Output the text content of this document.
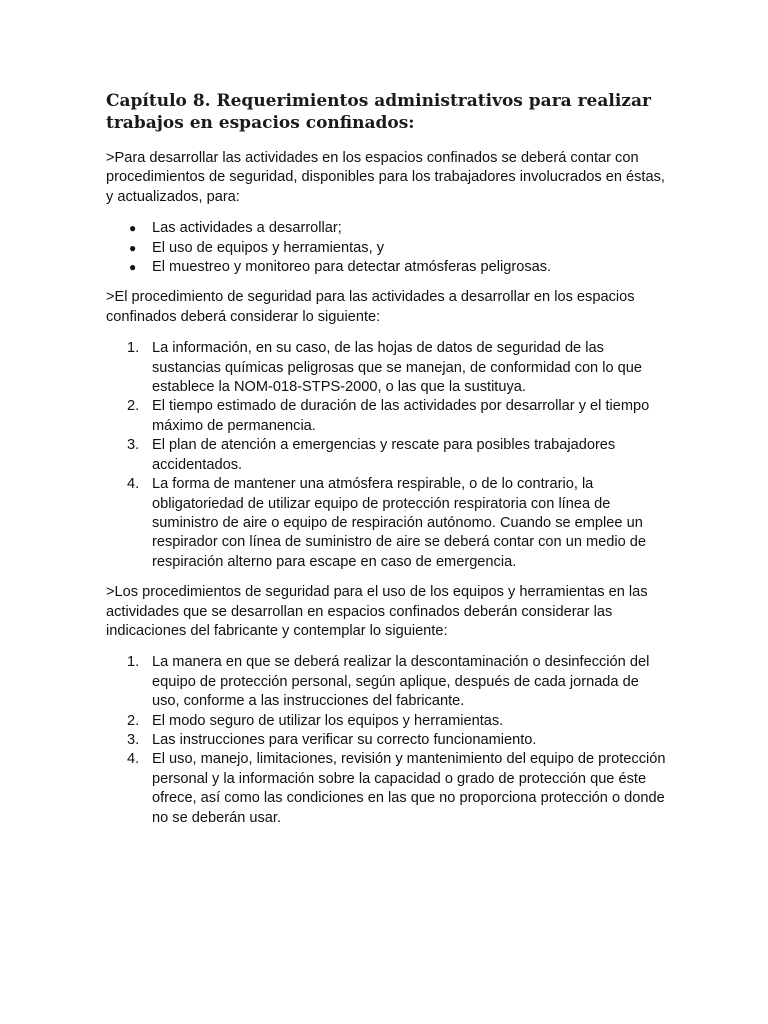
Capítulo 8. Requerimientos administrativos para realizar trabajos en espacios confinados:

>Para desarrollar las actividades en los espacios confinados se deberá contar con procedimientos de seguridad, disponibles para los trabajadores involucrados en éstas, y actualizados, para:

● Las actividades a desarrollar;
● El uso de equipos y herramientas, y
● El muestreo y monitoreo para detectar atmósferas peligrosas.

>El procedimiento de seguridad para las actividades a desarrollar en los espacios confinados deberá considerar lo siguiente:

1. La información, en su caso, de las hojas de datos de seguridad de las sustancias químicas peligrosas que se manejan, de conformidad con lo que establece la NOM-018-STPS-2000, o las que la sustituya.
2. El tiempo estimado de duración de las actividades por desarrollar y el tiempo máximo de permanencia.
3. El plan de atención a emergencias y rescate para posibles trabajadores accidentados.
4. La forma de mantener una atmósfera respirable, o de lo contrario, la obligatoriedad de utilizar equipo de protección respiratoria con línea de suministro de aire o equipo de respiración autónomo. Cuando se emplee un respirador con línea de suministro de aire se deberá contar con un medio de respiración alterno para escape en caso de emergencia.

>Los procedimientos de seguridad para el uso de los equipos y herramientas en las actividades que se desarrollan en espacios confinados deberán considerar las indicaciones del fabricante y contemplar lo siguiente:

1. La manera en que se deberá realizar la descontaminación o desinfección del equipo de protección personal, según aplique, después de cada jornada de uso, conforme a las instrucciones del fabricante.
2. El modo seguro de utilizar los equipos y herramientas.
3. Las instrucciones para verificar su correcto funcionamiento.
4. El uso, manejo, limitaciones, revisión y mantenimiento del equipo de protección personal y la información sobre la capacidad o grado de protección que éste ofrece, así como las condiciones en las que no proporciona protección o donde no se deberán usar.
